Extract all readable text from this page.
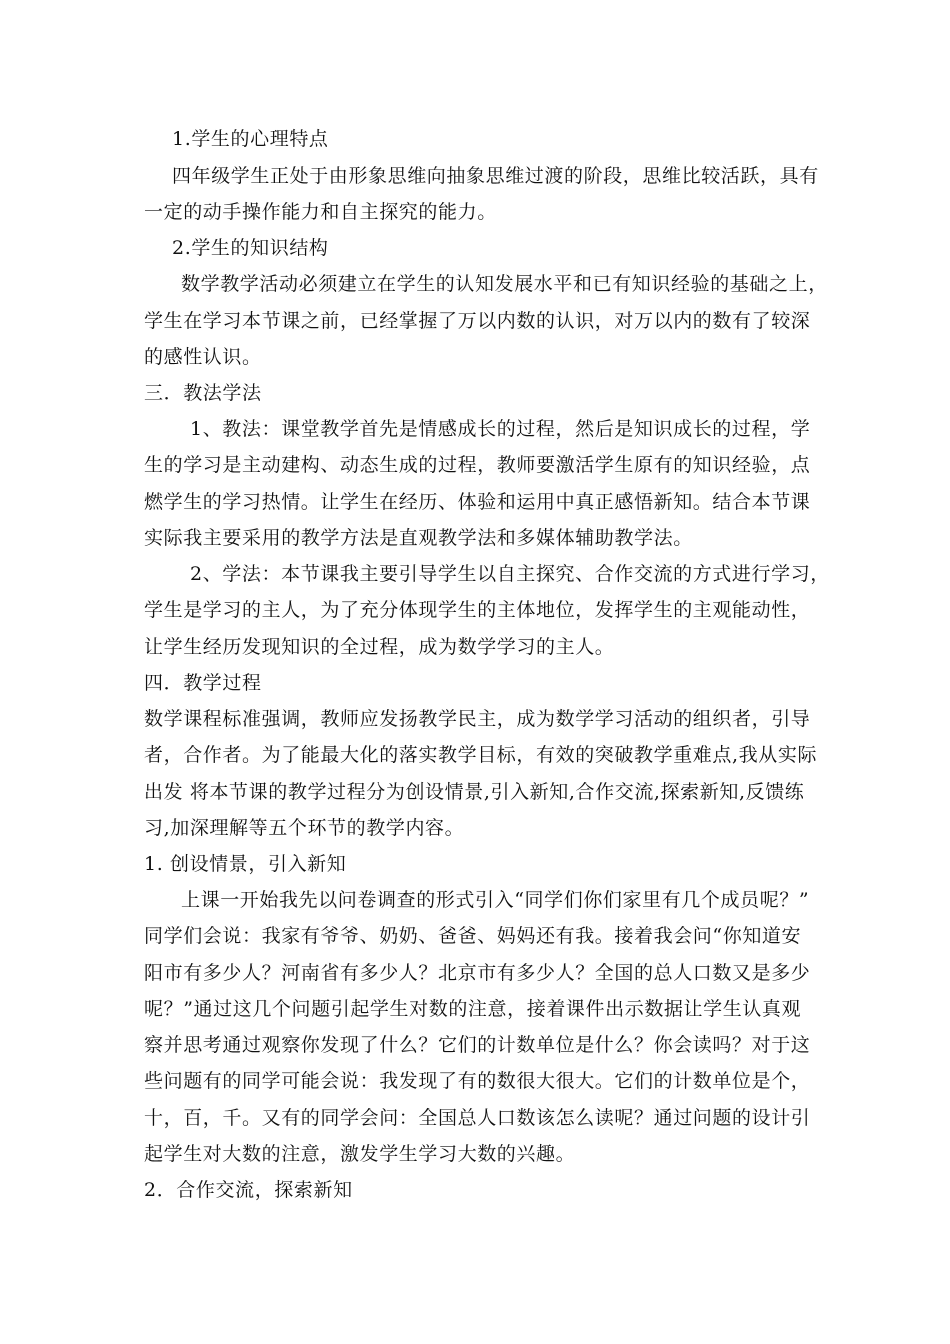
1.学生的心理特点
四年级学生正处于由形象思维向抽象思维过渡的阶段，思维比较活跃，具有
一定的动手操作能力和自主探究的能力。
2.学生的知识结构
数学教学活动必须建立在学生的认知发展水平和已有知识经验的基础之上，
学生在学习本节课之前，已经掌握了万以内数的认识，对万以内的数有了较深
的感性认识。
三．教法学法
1、教法：课堂教学首先是情感成长的过程，然后是知识成长的过程，学
生的学习是主动建构、动态生成的过程，教师要激活学生原有的知识经验，点
燃学生的学习热情。让学生在经历、体验和运用中真正感悟新知。结合本节课
实际我主要采用的教学方法是直观教学法和多媒体辅助教学法。
2、学法：本节课我主要引导学生以自主探究、合作交流的方式进行学习，
学生是学习的主人，为了充分体现学生的主体地位，发挥学生的主观能动性，
让学生经历发现知识的全过程，成为数学学习的主人。
四．教学过程
数学课程标准强调，教师应发扬教学民主，成为数学学习活动的组织者，引导
者，合作者。为了能最大化的落实教学目标，有效的突破教学重难点,我从实际
出发 将本节课的教学过程分为创设情景,引入新知,合作交流,探索新知,反馈练
习,加深理解等五个环节的教学内容。
1. 创设情景，引入新知
上课一开始我先以问卷调查的形式引入“同学们你们家里有几个成员呢？”
同学们会说：我家有爷爷、奶奶、爸爸、妈妈还有我。接着我会问“你知道安
阳市有多少人？河南省有多少人？北京市有多少人？全国的总人口数又是多少
呢？”通过这几个问题引起学生对数的注意，接着课件出示数据让学生认真观
察并思考通过观察你发现了什么？它们的计数单位是什么？你会读吗？对于这
些问题有的同学可能会说：我发现了有的数很大很大。它们的计数单位是个，
十，百，千。又有的同学会问：全国总人口数该怎么读呢？通过问题的设计引
起学生对大数的注意，激发学生学习大数的兴趣。
2．合作交流，探索新知
